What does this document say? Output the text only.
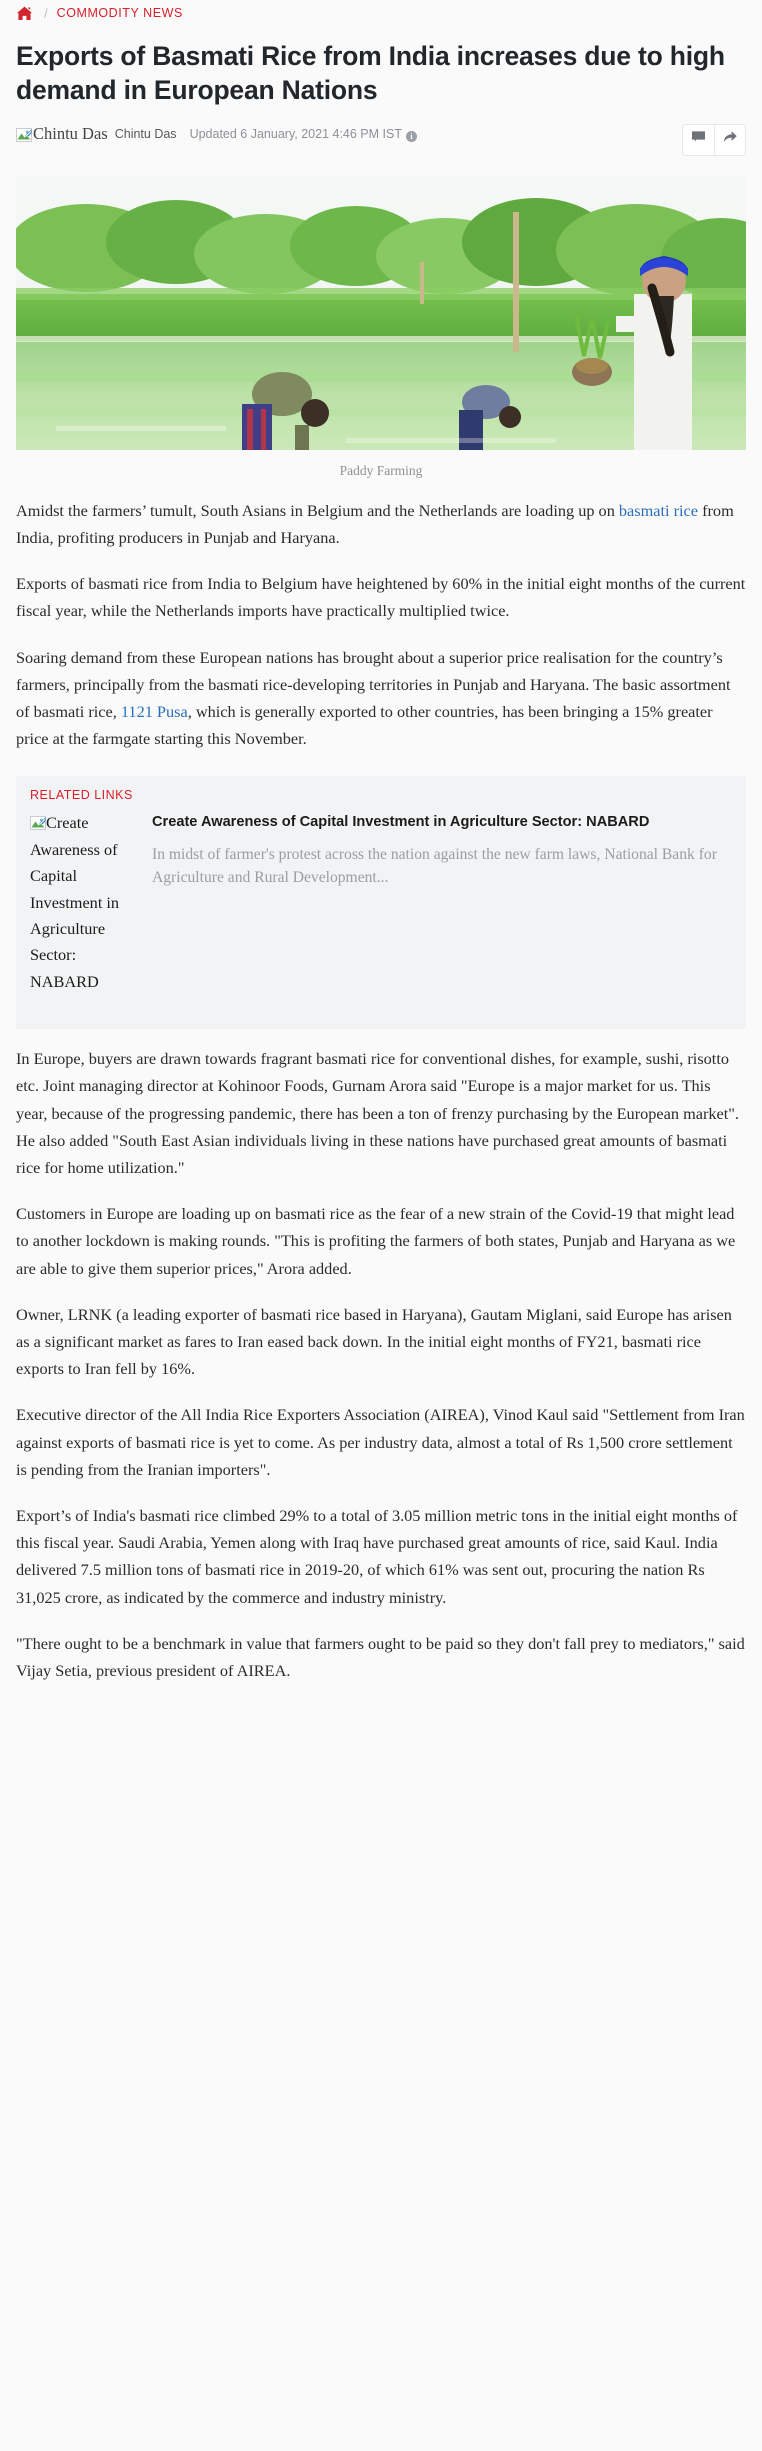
/ COMMODITY NEWS
Exports of Basmati Rice from India increases due to high demand in European Nations
Chintu Das Chintu Das Updated 6 January, 2021 4:46 PM IST i
Paddy Farming

Amidst the farmers’ tumult, South Asians in Belgium and the Netherlands are loading up on basmati rice from India, profiting producers in Punjab and Haryana.

Exports of basmati rice from India to Belgium have heightened by 60% in the initial eight months of the current fiscal year, while the Netherlands imports have practically multiplied twice.

Soaring demand from these European nations has brought about a superior price realisation for the country’s farmers, principally from the basmati rice-developing territories in Punjab and Haryana. The basic assortment of basmati rice, 1121 Pusa, which is generally exported to other countries, has been bringing a 15% greater price at the farmgate starting this November.

RELATED LINKS
Create Awareness of Capital Investment in Agriculture Sector: NABARD
Create Awareness of Capital Investment in Agriculture Sector: NABARD

In midst of farmer's protest across the nation against the new farm laws, National Bank for Agriculture and Rural Development...

In Europe, buyers are drawn towards fragrant basmati rice for conventional dishes, for example, sushi, risotto etc. Joint managing director at Kohinoor Foods, Gurnam Arora said "Europe is a major market for us. This year, because of the progressing pandemic, there has been a ton of frenzy purchasing by the European market". He also added "South East Asian individuals living in these nations have purchased great amounts of basmati rice for home utilization."

Customers in Europe are loading up on basmati rice as the fear of a new strain of the Covid-19 that might lead to another lockdown is making rounds. "This is profiting the farmers of both states, Punjab and Haryana as we are able to give them superior prices," Arora added.

Owner, LRNK (a leading exporter of basmati rice based in Haryana), Gautam Miglani, said Europe has arisen as a significant market as fares to Iran eased back down. In the initial eight months of FY21, basmati rice exports to Iran fell by 16%.

Executive director of the All India Rice Exporters Association (AIREA), Vinod Kaul said "Settlement from Iran against exports of basmati rice is yet to come. As per industry data, almost a total of Rs 1,500 crore settlement is pending from the Iranian importers".

Export’s of India's basmati rice climbed 29% to a total of 3.05 million metric tons in the initial eight months of this fiscal year. Saudi Arabia, Yemen along with Iraq have purchased great amounts of rice, said Kaul. India delivered 7.5 million tons of basmati rice in 2019-20, of which 61% was sent out, procuring the nation Rs 31,025 crore, as indicated by the commerce and industry ministry.

"There ought to be a benchmark in value that farmers ought to be paid so they don't fall prey to mediators," said Vijay Setia, previous president of AIREA.
